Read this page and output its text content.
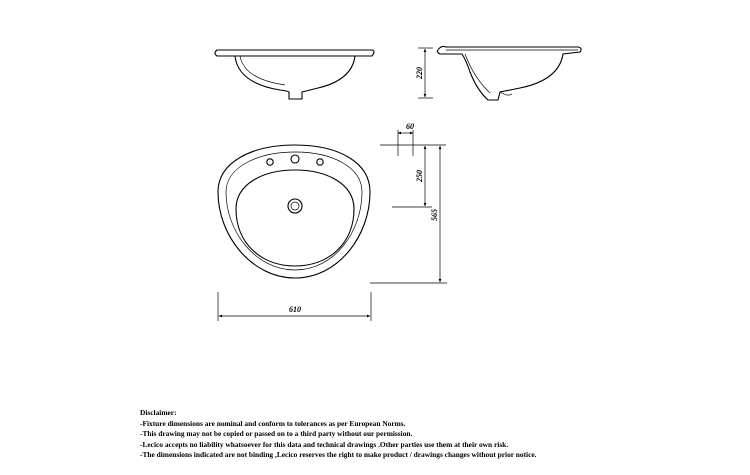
220
60
250
565
610
Disclaimer:
-Fixture dimensions are nominal and conform to tolerances as per European Norms.
-This drawing may not be copied or passed on to a third party without our permission.
-Lecico accepts no liability whatsoever for this data and technical drawings .Other parties use them at their own risk.
-The dimensions indicated are not binding ,Lecico reserves the right to make product / drawings changes without prior notice.
